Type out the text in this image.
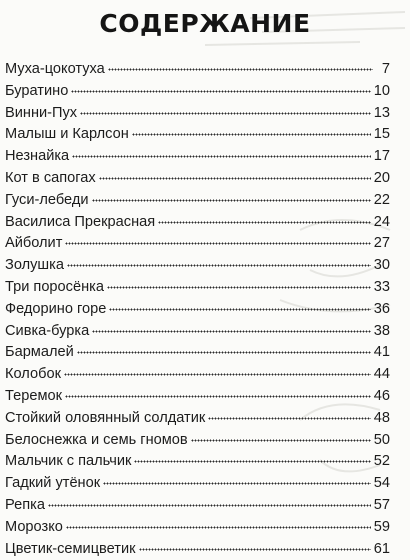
СОДЕРЖАНИЕ
Муха-цокотуха	7
Буратино	10
Винни-Пух	13
Малыш и Карлсон	15
Незнайка	17
Кот в сапогах	20
Гуси-лебеди	22
Василиса Прекрасная	24
Айболит	27
Золушка	30
Три поросёнка	33
Федорино горе	36
Сивка-бурка	38
Бармалей	41
Колобок	44
Теремок	46
Стойкий оловянный солдатик	48
Белоснежка и семь гномов	50
Мальчик с пальчик	52
Гадкий утёнок	54
Репка	57
Морозко	59
Цветик-семицветик	61
